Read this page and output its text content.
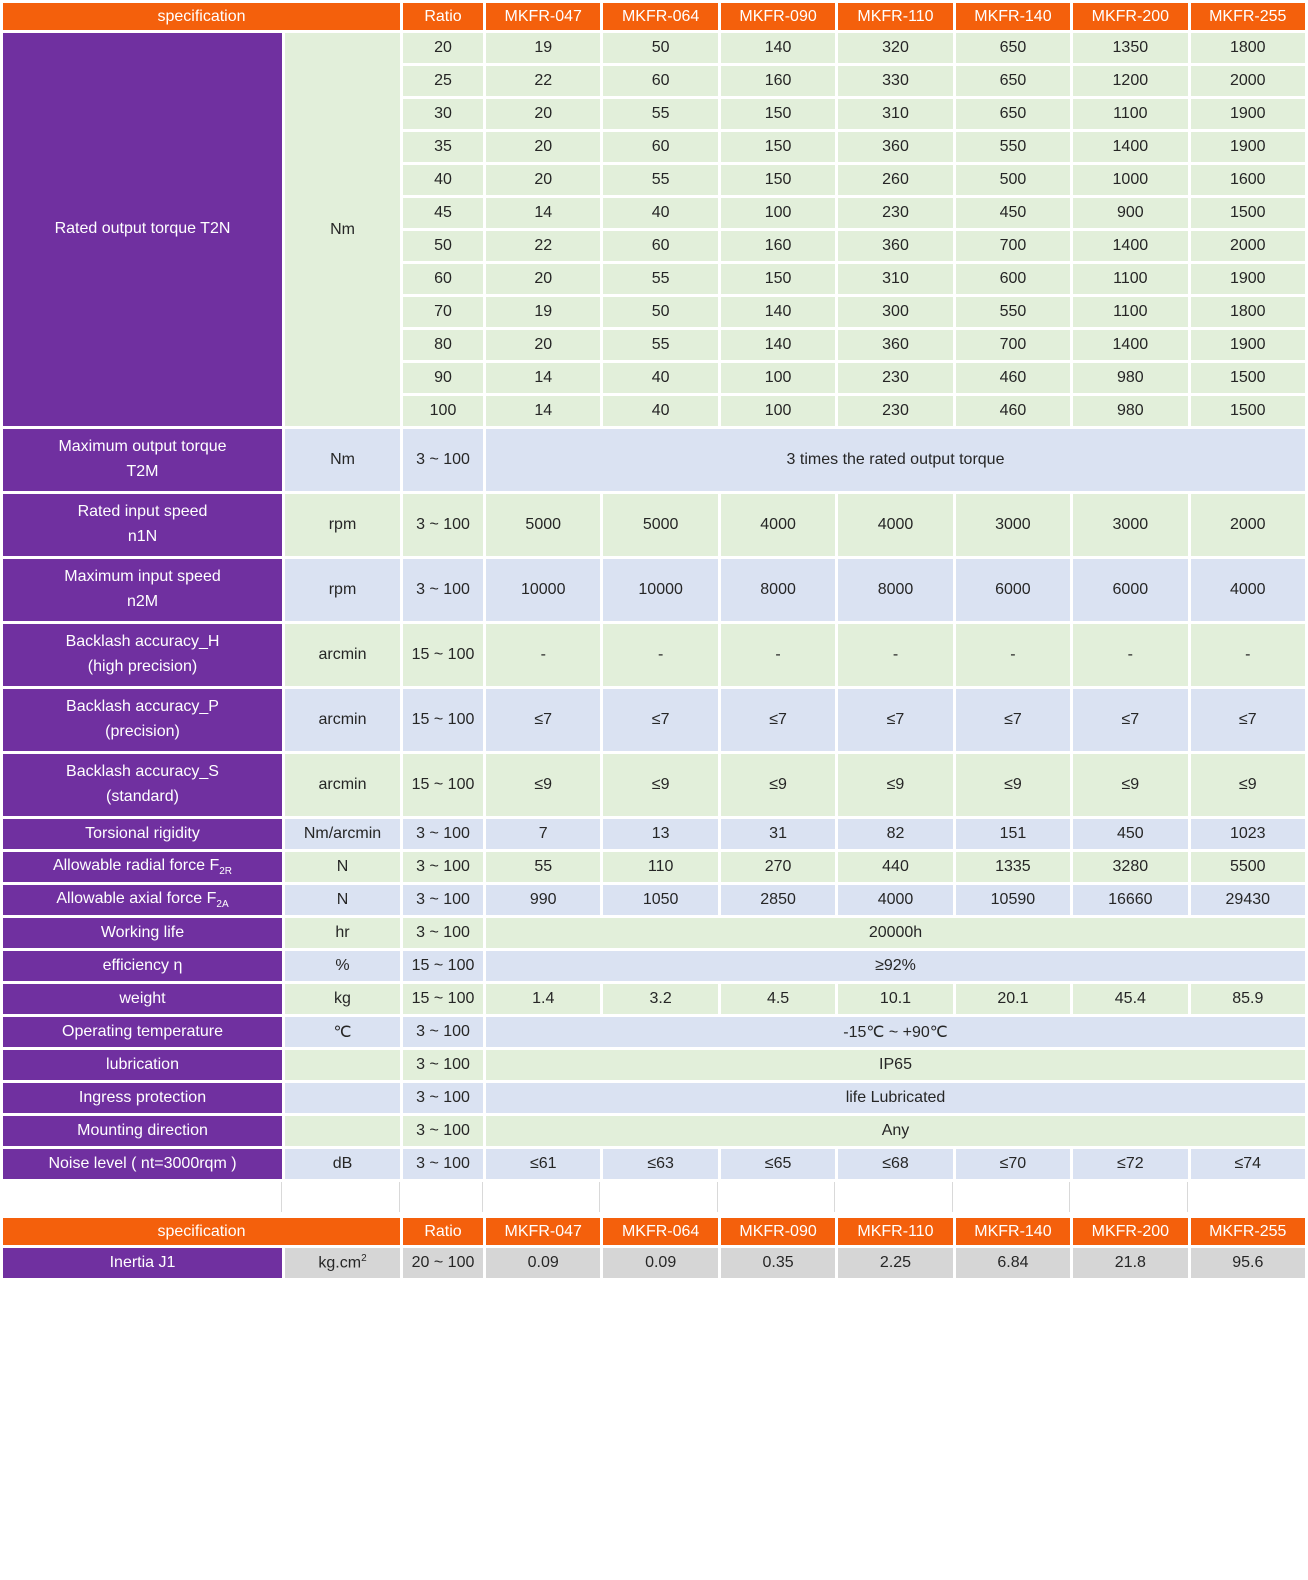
specification		Ratio	MKFR-047	MKFR-064	MKFR-090	MKFR-110	MKFR-140	MKFR-200	MKFR-255

Rated output torque T2N	Nm	20	19	50	140	320	650	1350	1800
		25	22	60	160	330	650	1200	2000
		30	20	55	150	310	650	1100	1900
		35	20	60	150	360	550	1400	1900
		40	20	55	150	260	500	1000	1600
		45	14	40	100	230	450	900	1500
		50	22	60	160	360	700	1400	2000
		60	20	55	150	310	600	1100	1900
		70	19	50	140	300	550	1100	1800
		80	20	55	140	360	700	1400	1900
		90	14	40	100	230	460	980	1500
		100	14	40	100	230	460	980	1500

Maximum output torque
T2M	Nm	3 ~ 100	3 times the rated output torque						

Rated input speed
n1N	rpm	3 ~ 100	5000	5000	4000	4000	3000	3000	2000

Maximum input speed
n2M	rpm	3 ~ 100	10000	10000	8000	8000	6000	6000	4000

Backlash accuracy_H
(high precision)	arcmin	15 ~ 100	-	-	-	-	-	-	-

Backlash accuracy_P
(precision)	arcmin	15 ~ 100	≤7	≤7	≤7	≤7	≤7	≤7	≤7

Backlash accuracy_S
(standard)	arcmin	15 ~ 100	≤9	≤9	≤9	≤9	≤9	≤9	≤9

Torsional rigidity	Nm/arcmin	3 ~ 100	7	13	31	82	151	450	1023

Allowable radial force $F_{2R}$	N	3 ~ 100	55	110	270	440	1335	3280	5500

Allowable axial force $F_{2A}$	N	3 ~ 100	990	1050	2850	4000	10590	16660	29430

Working life	hr	3 ~ 100	20000h						

efficiency η	%	15 ~ 100	≥92%						

weight	kg	15 ~ 100	1.4	3.2	4.5	10.1	20.1	45.4	85.9

Operating temperature	℃	3 ~ 100	-15℃ ~ +90℃						

lubrication		3 ~ 100	IP65						

Ingress protection		3 ~ 100	life Lubricated						

Mounting direction		3 ~ 100	Any						

Noise level ( nt=3000rqm )	dB	3 ~ 100	≤61	≤63	≤65	≤68	≤70	≤72	≤74

specification		Ratio	MKFR-047	MKFR-064	MKFR-090	MKFR-110	MKFR-140	MKFR-200	MKFR-255

Inertia J1	$kg.cm^2$	20 ~ 100	0.09	0.09	0.35	2.25	6.84	21.8	95.6
